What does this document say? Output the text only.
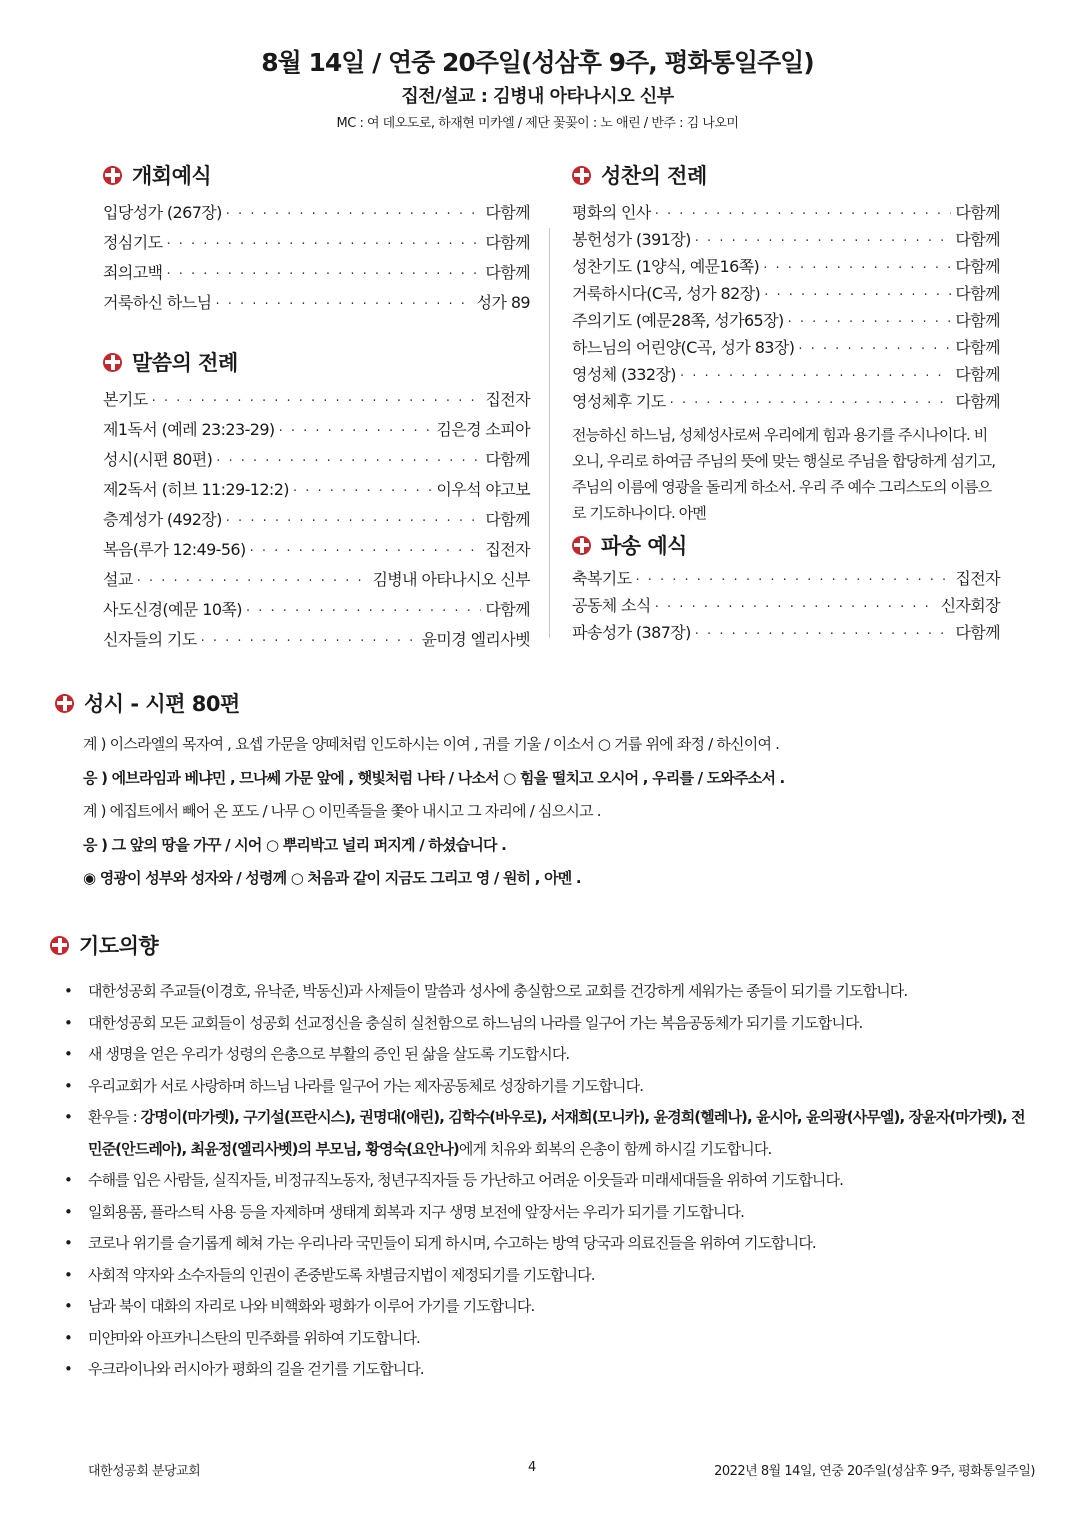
8월 14일 / 연중 20주일(성삼후 9주, 평화통일주일)
집전/설교 : 김병내 아타나시오 신부
MC : 여 데오도로, 하재현 미카엘 / 제단 꽃꽂이 : 노 애린 / 반주 : 김 나오미
개회예식
입당성가 (267장) · · ·	다함께
정심기도 · · ·	다함께
죄의고백 · · ·	다함께
거룩하신 하느님 · · ·	성가 89
말씀의 전례
본기도 · · ·	집전자
제1독서 (예레 23:23-29) · · ·	김은경 소피아
성시(시편 80편) · · ·	다함께
제2독서 (히브 11:29-12:2) · · ·	이우석 야고보
층계성가 (492장) · · ·	다함께
복음(루가 12:49-56) · · ·	집전자
설교 · · ·	김병내 아타나시오 신부
사도신경(예문 10쪽) · · ·	다함께
신자들의 기도 · · ·	윤미경 엘리사벳
성찬의 전례
평화의 인사 · · ·	다함께
봉헌성가 (391장) · · ·	다함께
성찬기도 (1양식, 예문16쪽) · · ·	다함께
거룩하시다(C곡, 성가 82장) · · ·	다함께
주의기도 (예문28쪽, 성가65장) · · ·	다함께
하느님의 어린양(C곡, 성가 83장) · · ·	다함께
영성체 (332장) · · ·	다함께
영성체후 기도 · · ·	다함께
전능하신 하느님, 성체성사로써 우리에게 힘과 용기를 주시나이다. 비오니, 우리로 하여금 주님의 뜻에 맞는 행실로 주님을 합당하게 섬기고, 주님의 이름에 영광을 돌리게 하소서. 우리 주 예수 그리스도의 이름으로 기도하나이다. 아멘
파송 예식
축복기도 · · ·	집전자
공동체 소식 · · ·	신자회장
파송성가 (387장) · · ·	다함께
성시 - 시편 80편
계 ) 이스라엘의 목자여 , 요셉 가문을 양떼처럼 인도하시는 이여 , 귀를 기울 / 이소서 ○ 거룹 위에 좌정 / 하신이여 .
응 ) 에브라임과 베냐민 , 므나쎄 가문 앞에 , 햇빛처럼 나타 / 나소서 ○ 힘을 떨치고 오시어 , 우리를 / 도와주소서 .
계 ) 에집트에서 빼어 온 포도 / 나무 ○ 이민족들을 쫓아 내시고 그 자리에 / 심으시고 .
응 ) 그 앞의 땅을 가꾸 / 시어 ○ 뿌리박고 널리 퍼지게 / 하셨습니다 .
◉ 영광이 성부와 성자와 / 성령께 ○ 처음과 같이 지금도 그리고 영 / 원히 , 아멘 .
기도의향
•	대한성공회 주교들(이경호, 유낙준, 박동신)과 사제들이 말씀과 성사에 충실함으로 교회를 건강하게 세워가는 종들이 되기를 기도합니다.
•	대한성공회 모든 교회들이 성공회 선교정신을 충실히 실천함으로 하느님의 나라를 일구어 가는 복음공동체가 되기를 기도합니다.
•	새 생명을 얻은 우리가 성령의 은총으로 부활의 증인 된 삶을 살도록 기도합시다.
•	우리교회가 서로 사랑하며 하느님 나라를 일구어 가는 제자공동체로 성장하기를 기도합니다.
•	환우들 : 강명이(마가렛), 구기설(프란시스), 권명대(애린), 김학수(바우로), 서재희(모니카), 윤경희(헬레나), 윤시아, 윤의광(사무엘), 장윤자(마가렛), 전민준(안드레아), 최윤정(엘리사벳)의 부모님, 황영숙(요안나)에게 치유와 회복의 은총이 함께 하시길 기도합니다.
•	수해를 입은 사람들, 실직자들, 비정규직노동자, 청년구직자들 등 가난하고 어려운 이웃들과 미래세대들을 위하여 기도합니다.
•	일회용품, 플라스틱 사용 등을 자제하며 생태계 회복과 지구 생명 보전에 앞장서는 우리가 되기를 기도합니다.
•	코로나 위기를 슬기롭게 헤쳐 가는 우리나라 국민들이 되게 하시며, 수고하는 방역 당국과 의료진들을 위하여 기도합니다.
•	사회적 약자와 소수자들의 인권이 존중받도록 차별금지법이 제정되기를 기도합니다.
•	남과 북이 대화의 자리로 나와 비핵화와 평화가 이루어 가기를 기도합니다.
•	미얀마와 아프카니스탄의 민주화를 위하여 기도합니다.
•	우크라이나와 러시아가 평화의 길을 걷기를 기도합니다.
대한성공회 분당교회	4	2022년 8월 14일, 연중 20주일(성삼후 9주, 평화통일주일)
